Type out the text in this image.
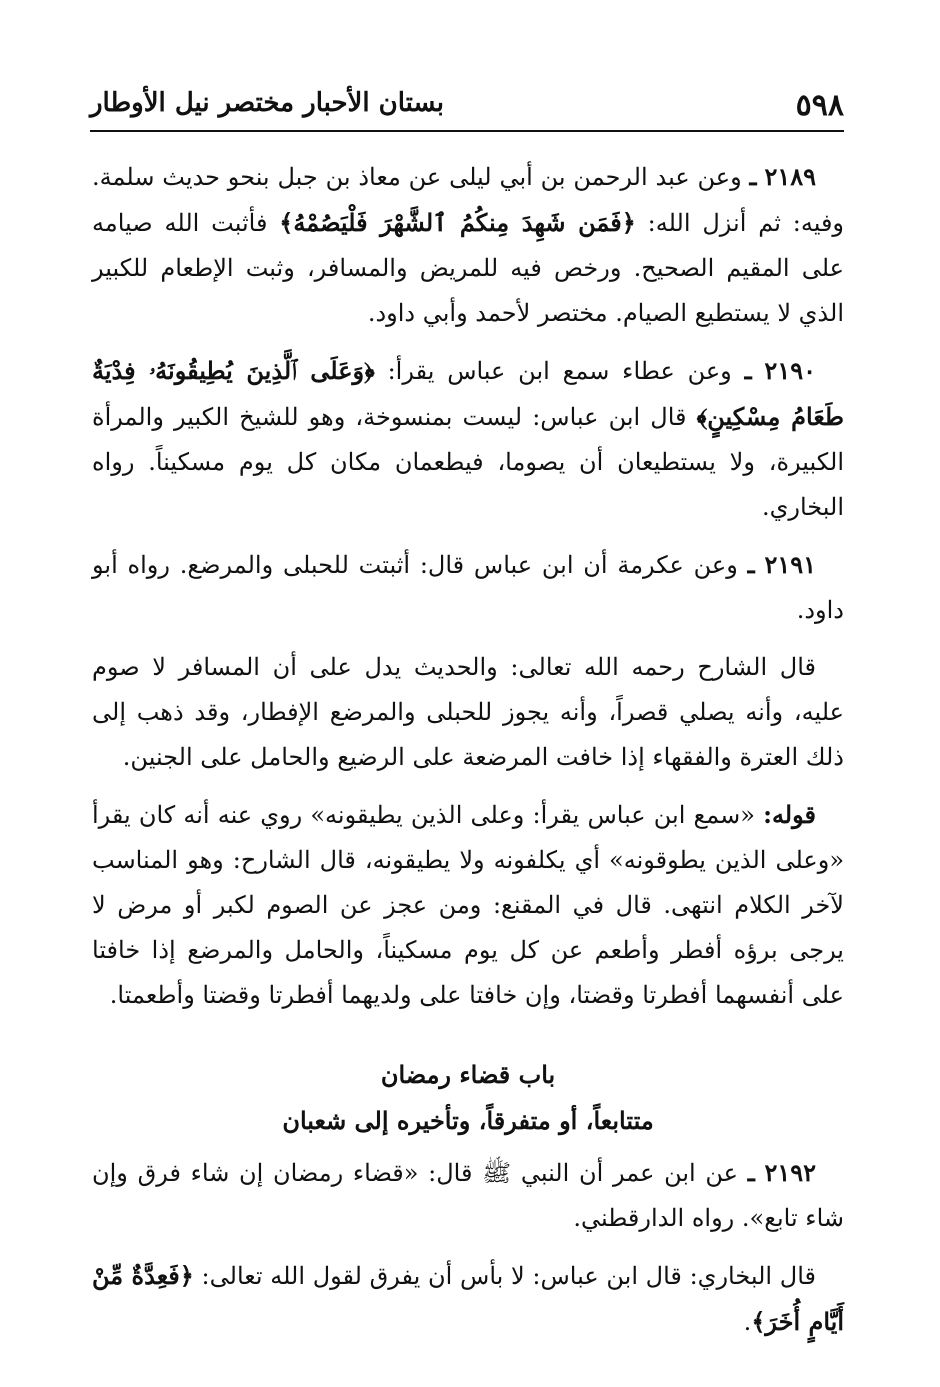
٥٩٨
بستان الأحبار مختصر نيل الأوطار

٢١٨٩ ـ وعن عبد الرحمن بن أبي ليلى عن معاذ بن جبل بنحو حديث سلمة. وفيه: ثم أنزل الله: ﴿فَمَن شَهِدَ مِنكُمُ ٱلشَّهْرَ فَلْيَصُمْهُ﴾ فأثبت الله صيامه على المقيم الصحيح. ورخص فيه للمريض والمسافر، وثبت الإطعام للكبير الذي لا يستطيع الصيام. مختصر لأحمد وأبي داود.

٢١٩٠ ـ وعن عطاء سمع ابن عباس يقرأ: ﴿وَعَلَى ٱلَّذِينَ يُطِيقُونَهُۥ فِدْيَةٌ طَعَامُ مِسْكِينٍ﴾ قال ابن عباس: ليست بمنسوخة، وهو للشيخ الكبير والمرأة الكبيرة، ولا يستطيعان أن يصوما، فيطعمان مكان كل يوم مسكيناً. رواه البخاري.

٢١٩١ ـ وعن عكرمة أن ابن عباس قال: أثبتت للحبلى والمرضع. رواه أبو داود.

قال الشارح رحمه الله تعالى: والحديث يدل على أن المسافر لا صوم عليه، وأنه يصلي قصراً، وأنه يجوز للحبلى والمرضع الإفطار، وقد ذهب إلى ذلك العترة والفقهاء إذا خافت المرضعة على الرضيع والحامل على الجنين.

قوله: «سمع ابن عباس يقرأ: وعلى الذين يطيقونه» روي عنه أنه كان يقرأ «وعلى الذين يطوقونه» أي يكلفونه ولا يطيقونه، قال الشارح: وهو المناسب لآخر الكلام انتهى. قال في المقنع: ومن عجز عن الصوم لكبر أو مرض لا يرجى برؤه أفطر وأطعم عن كل يوم مسكيناً، والحامل والمرضع إذا خافتا على أنفسهما أفطرتا وقضتا، وإن خافتا على ولديهما أفطرتا وقضتا وأطعمتا.

باب قضاء رمضان

متتابعاً، أو متفرقاً، وتأخيره إلى شعبان

٢١٩٢ ـ عن ابن عمر أن النبي ﷺ قال: «قضاء رمضان إن شاء فرق وإن شاء تابع». رواه الدارقطني.

قال البخاري: قال ابن عباس: لا بأس أن يفرق لقول الله تعالى: ﴿فَعِدَّةٌ مِّنْ أَيَّامٍ أُخَرَ﴾.
